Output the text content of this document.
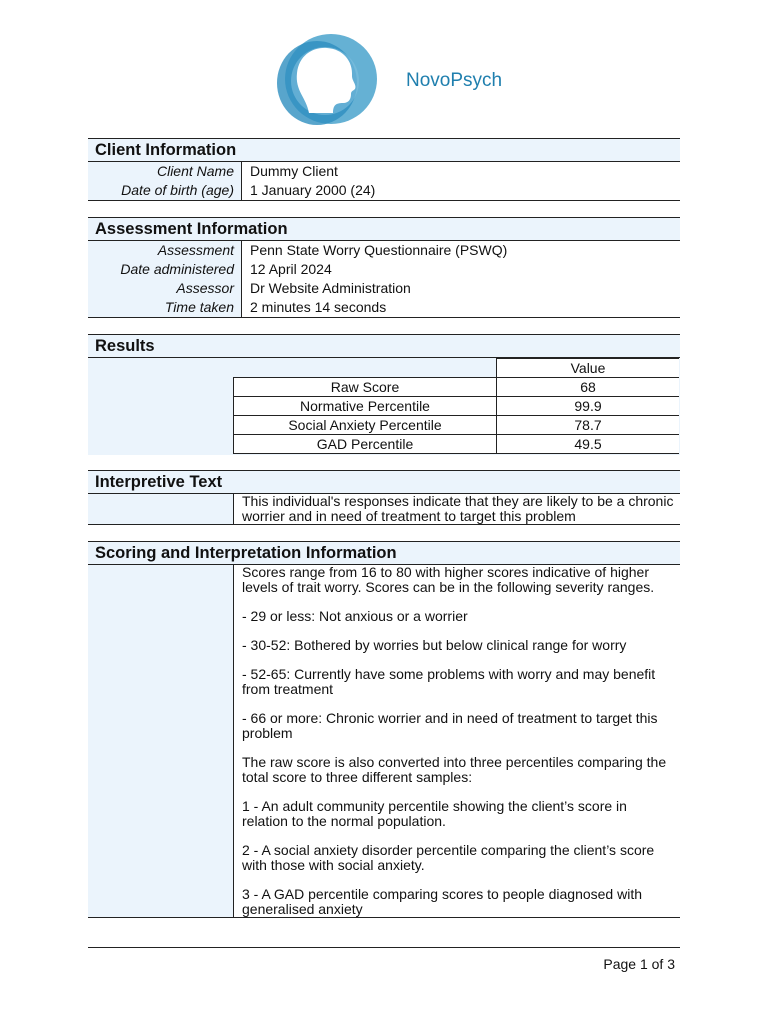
NovoPsych
Client Information
Client Name	Dummy Client
Date of birth (age)	1 January 2000 (24)
Assessment Information
Assessment	Penn State Worry Questionnaire (PSWQ)
Date administered	12 April 2024
Assessor	Dr Website Administration
Time taken	2 minutes 14 seconds
Results
	Value
Raw Score	68
Normative Percentile	99.9
Social Anxiety Percentile	78.7
GAD Percentile	49.5
Interpretive Text
This individual's responses indicate that they are likely to be a chronic worrier and in need of treatment to target this problem
Scoring and Interpretation Information

Scores range from 16 to 80 with higher scores indicative of higher levels of trait worry. Scores can be in the following severity ranges.

- 29 or less: Not anxious or a worrier

- 30-52: Bothered by worries but below clinical range for worry

- 52-65: Currently have some problems with worry and may benefit from treatment

- 66 or more: Chronic worrier and in need of treatment to target this problem

The raw score is also converted into three percentiles comparing the total score to three different samples:

1 - An adult community percentile showing the client’s score in relation to the normal population.

2 - A social anxiety disorder percentile comparing the client’s score with those with social anxiety.

3 - A GAD percentile comparing scores to people diagnosed with generalised anxiety

Page 1 of 3
